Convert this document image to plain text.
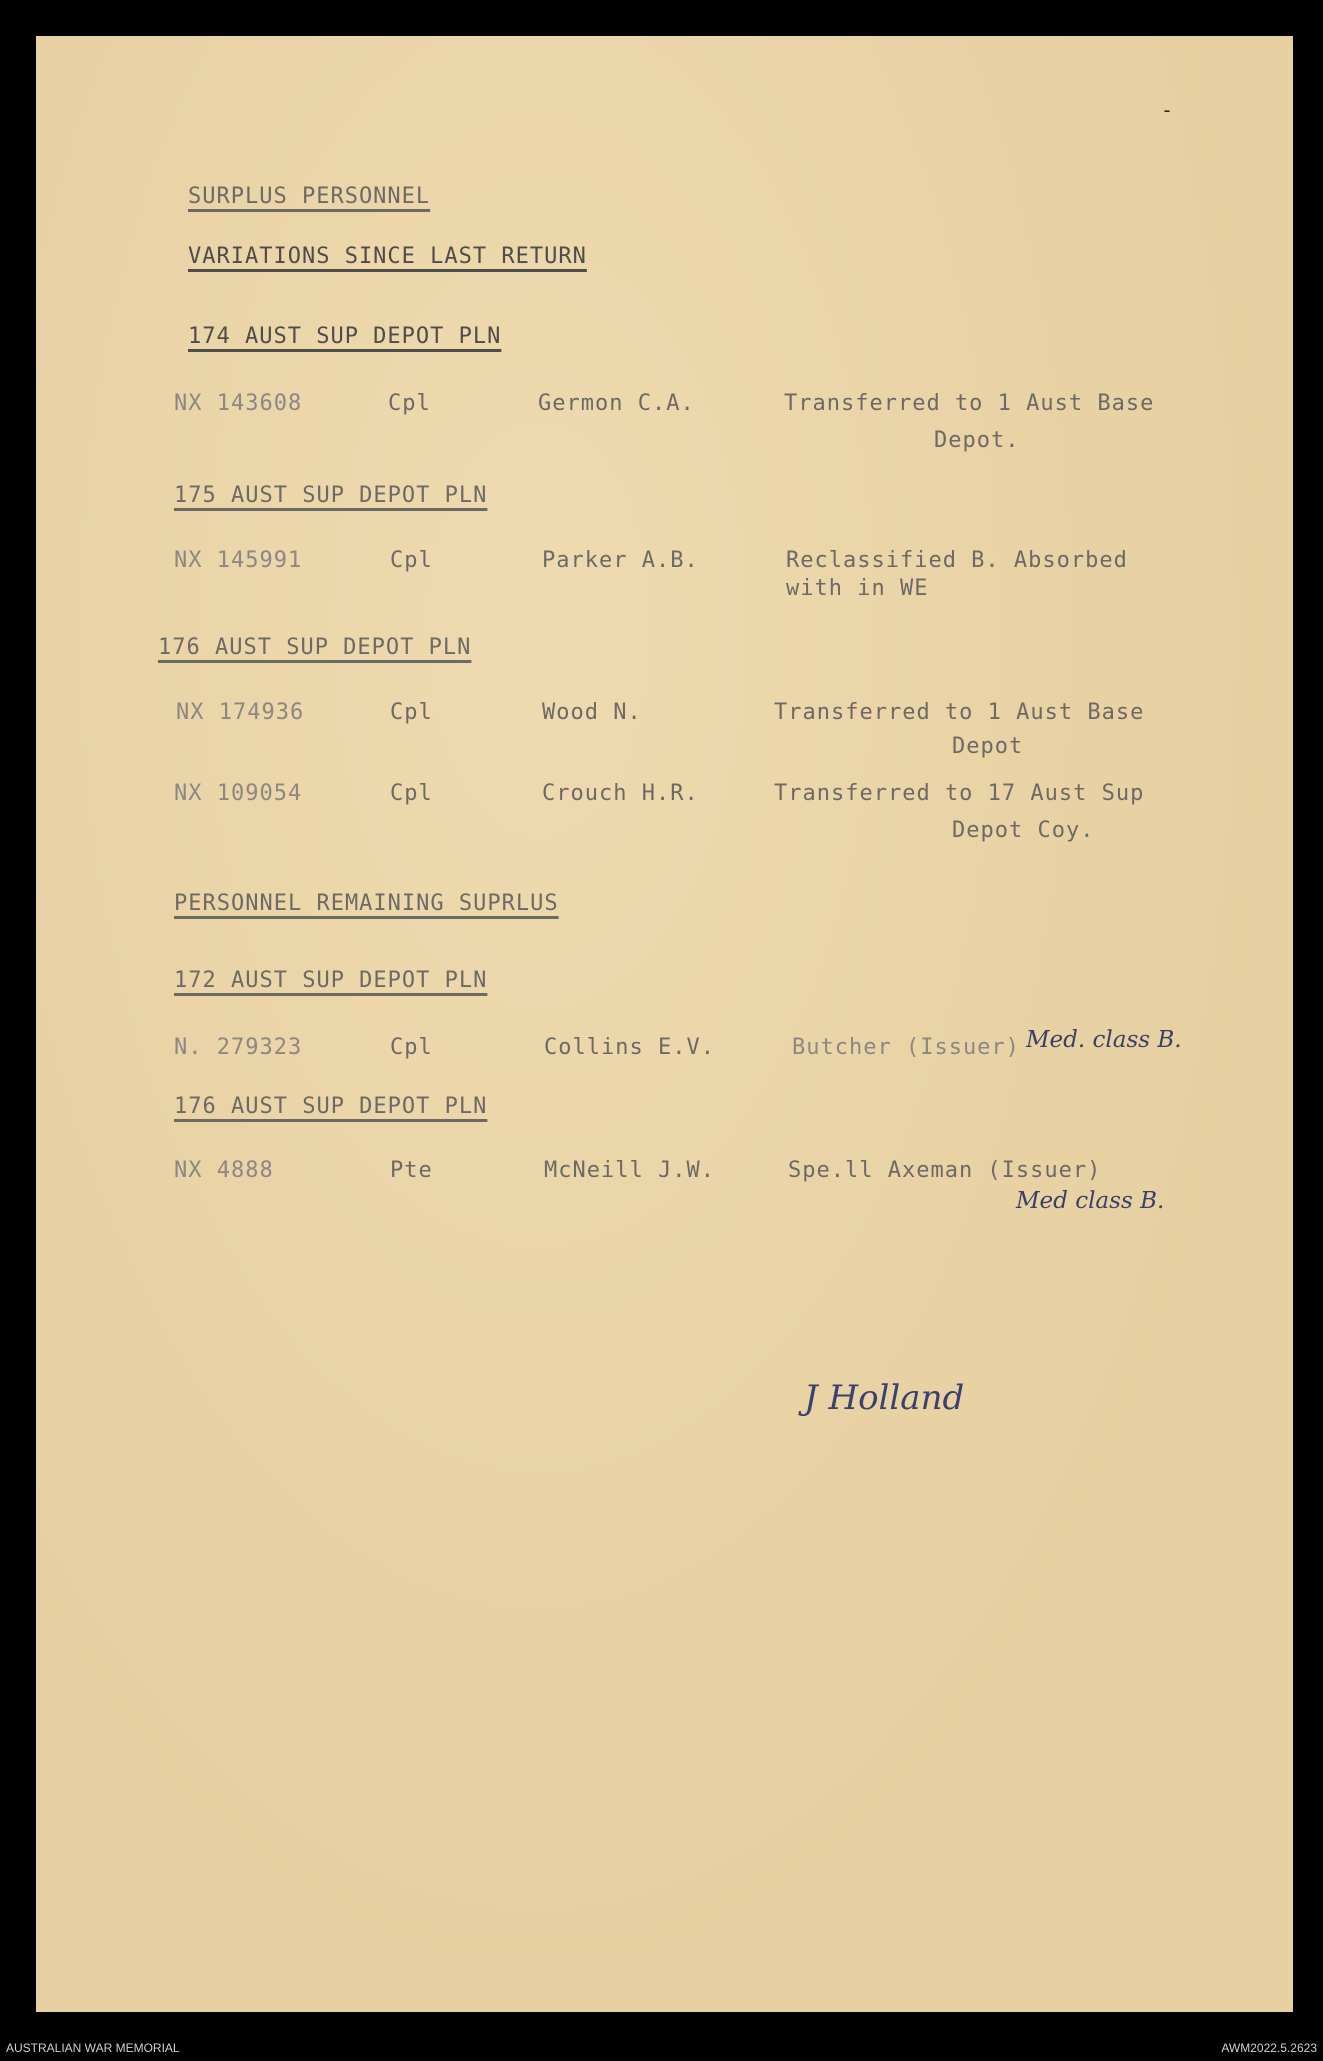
‑
SURPLUS PERSONNEL
VARIATIONS SINCE LAST RETURN
174 AUST SUP DEPOT PLN
NX 143608	Cpl	Germon C.A.	Transferred to 1 Aust Base
Depot.
175 AUST SUP DEPOT PLN
NX 145991	Cpl	Parker A.B.	Reclassified B. Absorbed
with in WE
176 AUST SUP DEPOT PLN
NX 174936	Cpl	Wood N.	Transferred to 1 Aust Base
Depot
NX 109054	Cpl	Crouch H.R.	Transferred to 17 Aust Sup
Depot Coy.
PERSONNEL REMAINING SUPRLUS
172 AUST SUP DEPOT PLN
N. 279323	Cpl	Collins E.V.	Butcher (Issuer) Med. class B.
176 AUST SUP DEPOT PLN
NX 4888	Pte	McNeill J.W.	Spe.ll Axeman (Issuer)
Med class B.
J Holland
AUSTRALIAN WAR MEMORIAL	AWM2022.5.2623
